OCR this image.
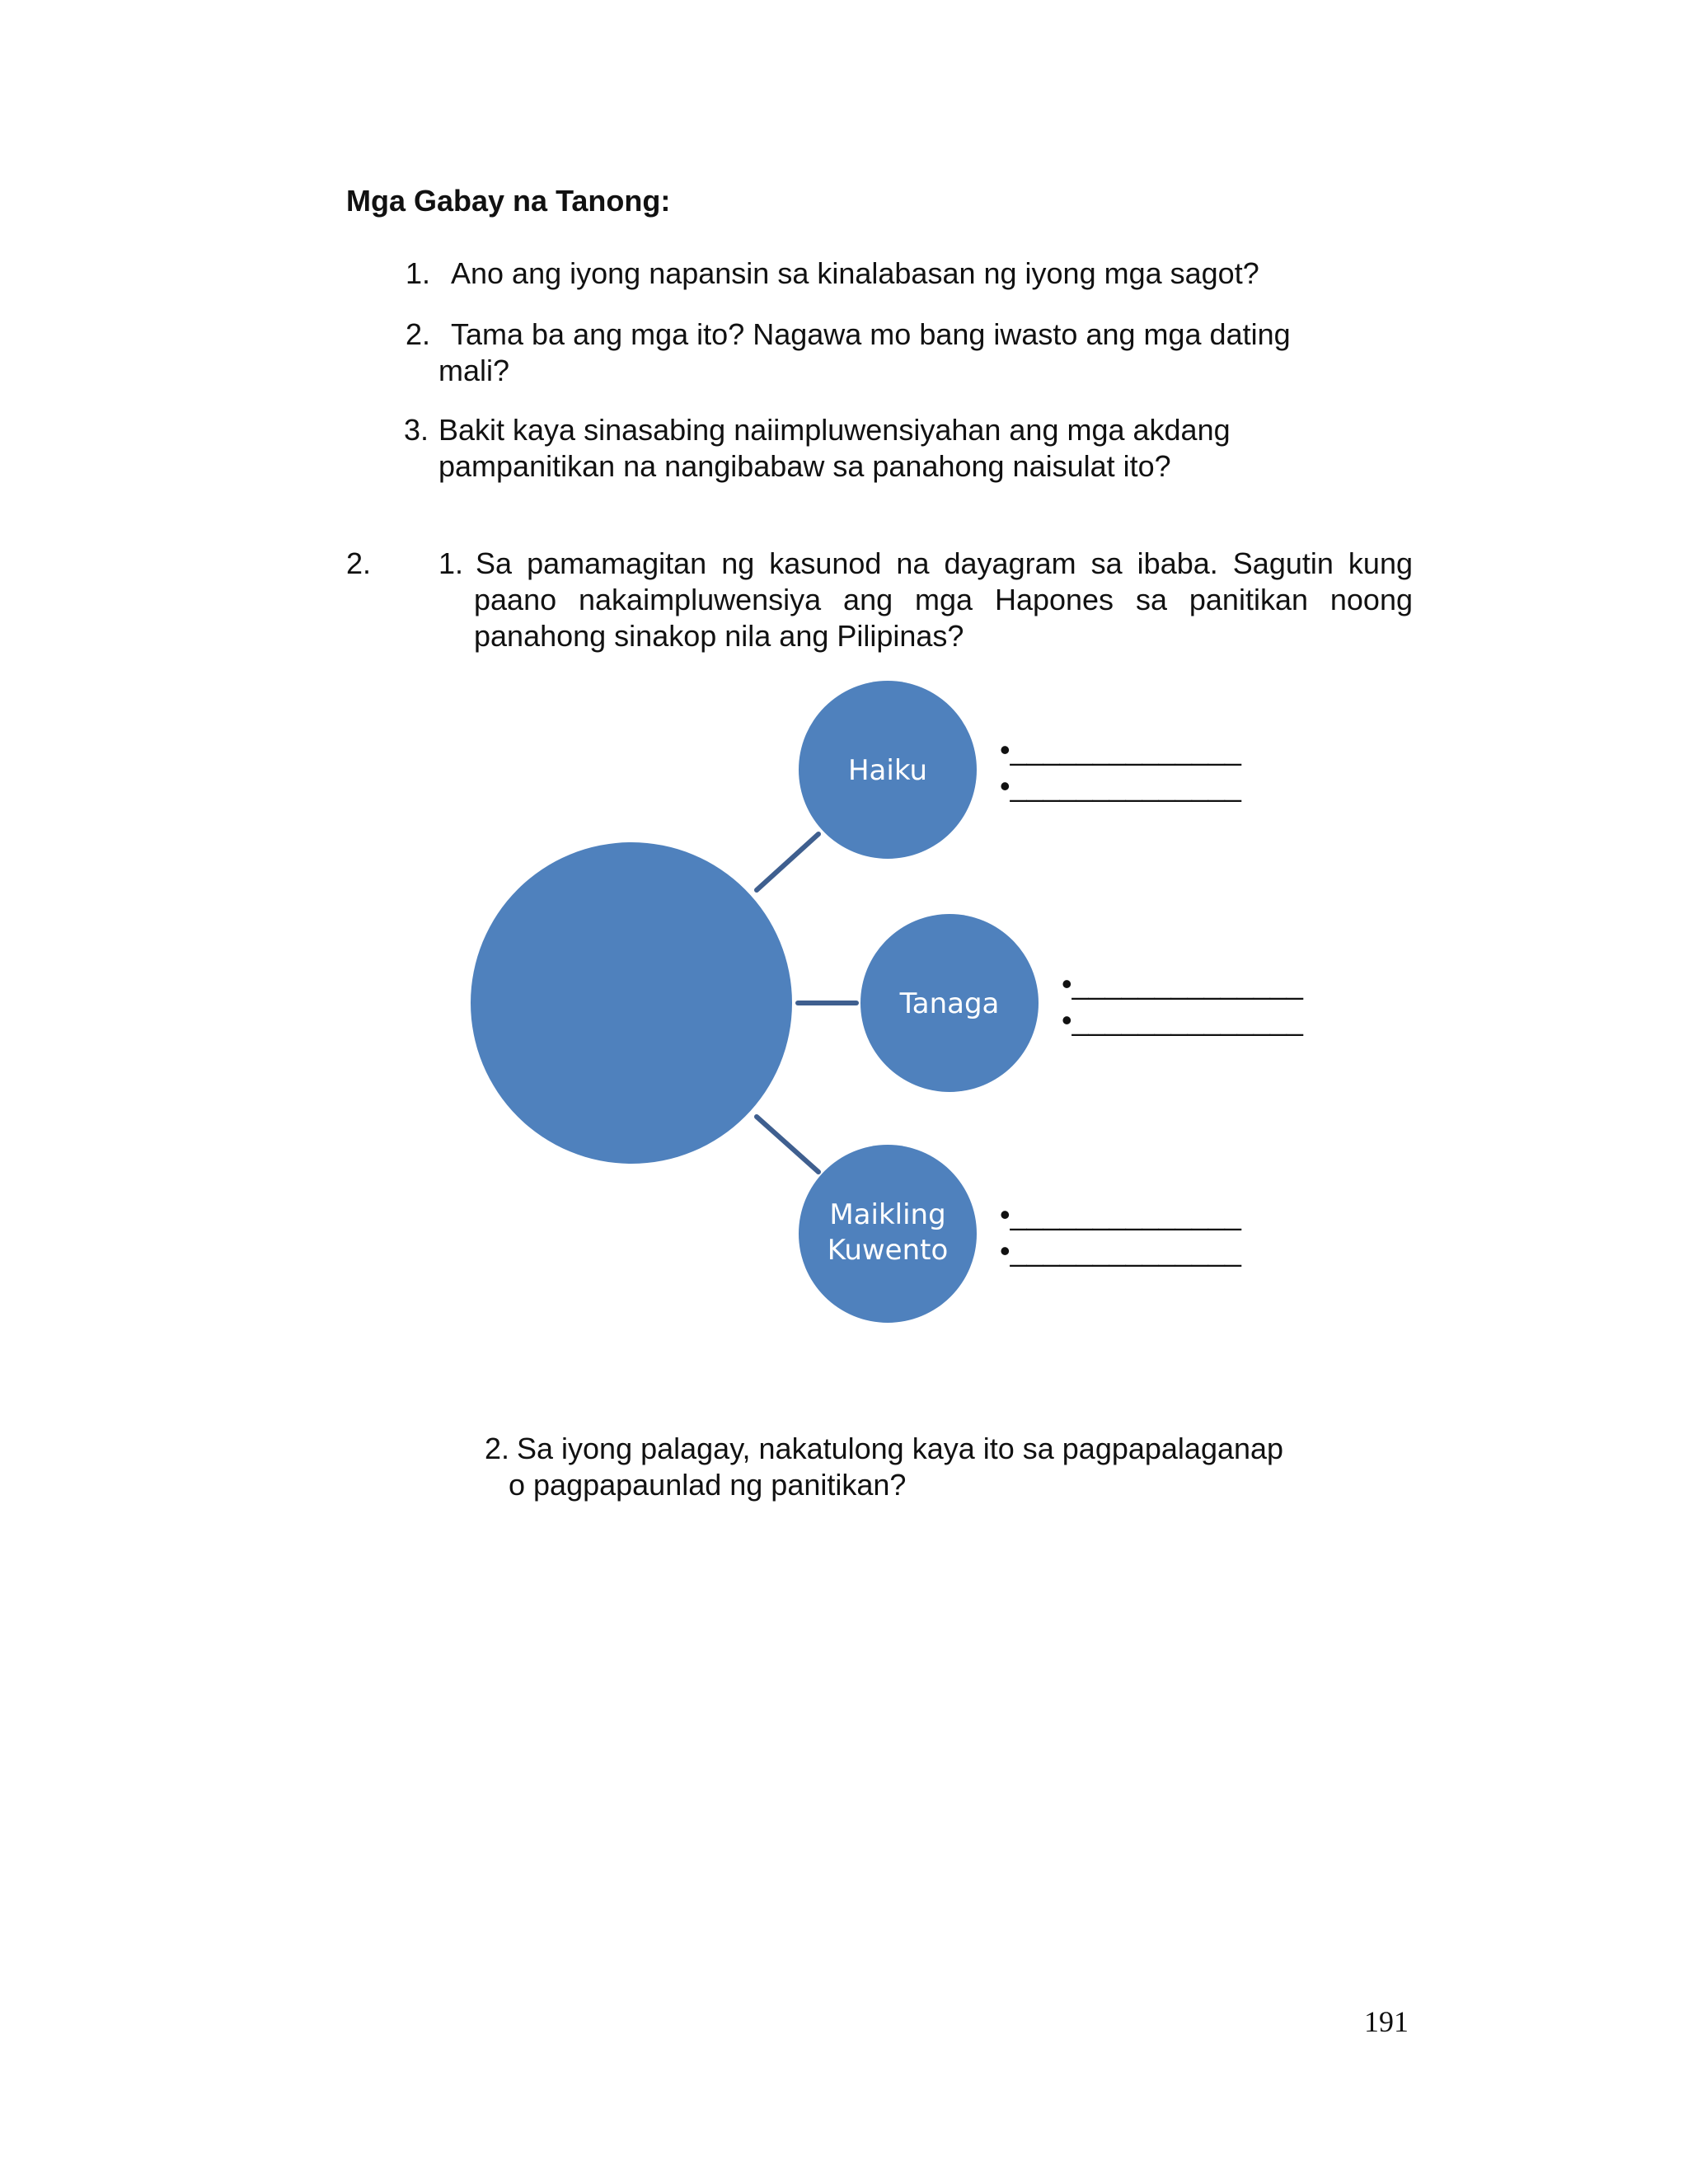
Mga Gabay na Tanong:
1. Ano ang iyong napansin sa kinalabasan ng iyong mga sagot?
2. Tama ba ang mga ito? Nagawa mo bang iwasto ang mga dating
mali?
3. Bakit kaya sinasabing naiimpluwensiyahan ang mga akdang
pampanitikan na nangibabaw sa panahong naisulat ito?
2. 1. Sa pamamagitan ng kasunod na dayagram sa ibaba. Sagutin kung
paano nakaimpluwensiya ang mga Hapones sa panitikan noong
panahong sinakop nila ang Pilipinas?
Haiku
Tanaga
Maikling
Kuwento
•______________
•______________
•______________
•______________
•______________
•______________
2. Sa iyong palagay, nakatulong kaya ito sa pagpapalaganap
o pagpapaunlad ng panitikan?
191
